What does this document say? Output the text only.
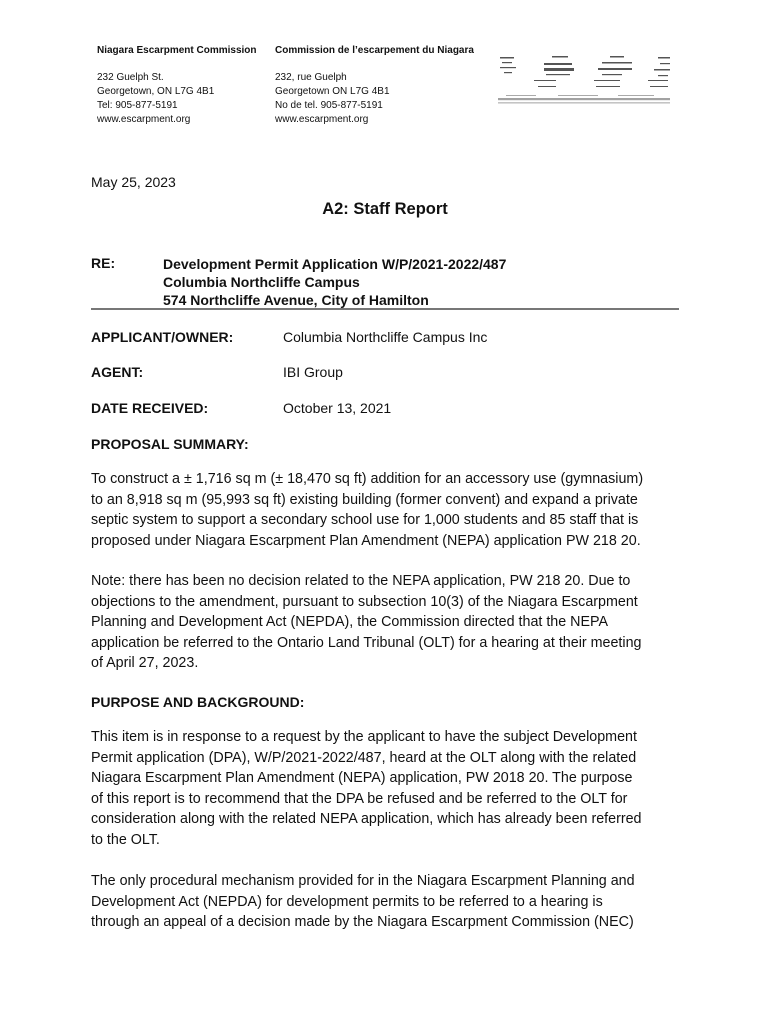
Niagara Escarpment Commission
232 Guelph St.
Georgetown, ON L7G 4B1
Tel: 905-877-5191
www.escarpment.org
Commission de l’escarpement du Niagara
232, rue Guelph
Georgetown ON L7G 4B1
No de tel. 905-877-5191
www.escarpment.org
May 25, 2023
A2: Staff Report
RE:	Development Permit Application W/P/2021-2022/487
Columbia Northcliffe Campus
574 Northcliffe Avenue, City of Hamilton
APPLICANT/OWNER:	Columbia Northcliffe Campus Inc
AGENT:	IBI Group
DATE RECEIVED:	October 13, 2021
PROPOSAL SUMMARY:
To construct a ± 1,716 sq m (± 18,470 sq ft) addition for an accessory use (gymnasium)
to an 8,918 sq m (95,993 sq ft) existing building (former convent) and expand a private
septic system to support a secondary school use for 1,000 students and 85 staff that is
proposed under Niagara Escarpment Plan Amendment (NEPA) application PW 218 20.
Note: there has been no decision related to the NEPA application, PW 218 20. Due to
objections to the amendment, pursuant to subsection 10(3) of the Niagara Escarpment
Planning and Development Act (NEPDA), the Commission directed that the NEPA
application be referred to the Ontario Land Tribunal (OLT) for a hearing at their meeting
of April 27, 2023.
PURPOSE AND BACKGROUND:
This item is in response to a request by the applicant to have the subject Development
Permit application (DPA), W/P/2021-2022/487, heard at the OLT along with the related
Niagara Escarpment Plan Amendment (NEPA) application, PW 2018 20. The purpose
of this report is to recommend that the DPA be refused and be referred to the OLT for
consideration along with the related NEPA application, which has already been referred
to the OLT.
The only procedural mechanism provided for in the Niagara Escarpment Planning and
Development Act (NEPDA) for development permits to be referred to a hearing is
through an appeal of a decision made by the Niagara Escarpment Commission (NEC)
